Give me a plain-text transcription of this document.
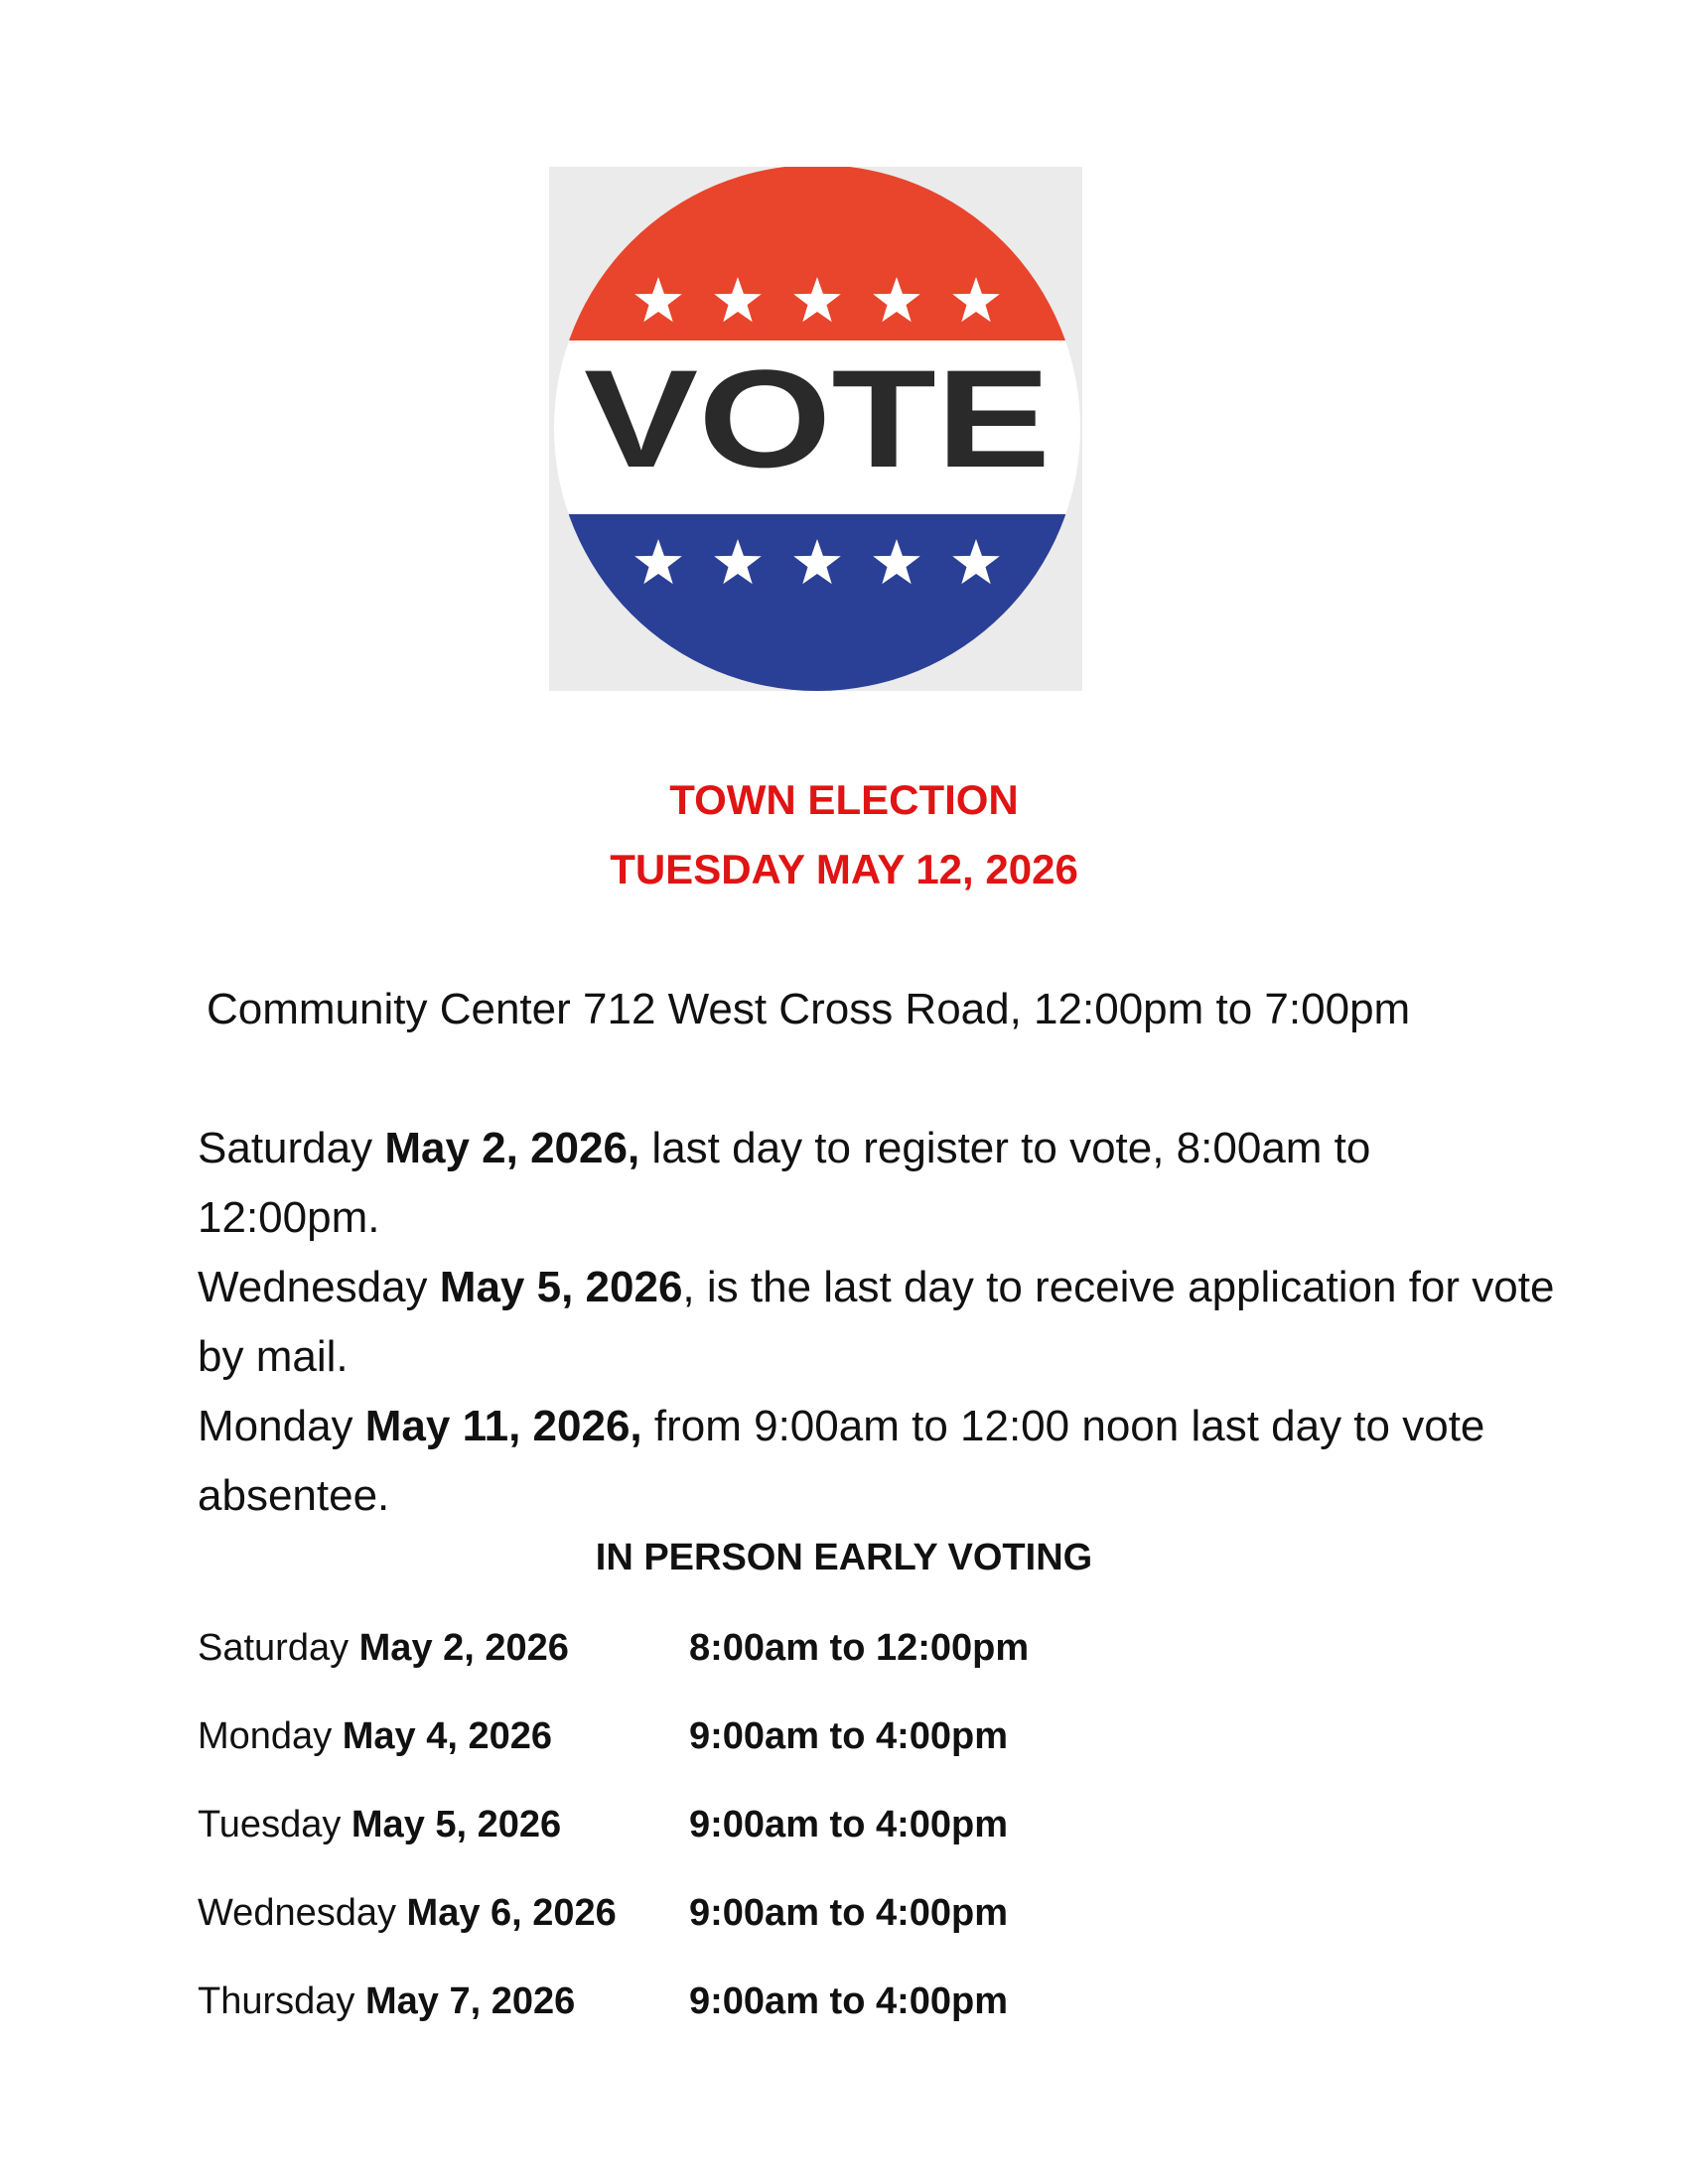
VOTE
TOWN ELECTION
TUESDAY MAY 12, 2026
Community Center 712 West Cross Road, 12:00pm to 7:00pm
Saturday May 2, 2026, last day to register to vote, 8:00am to 12:00pm.
Wednesday May 5, 2026, is the last day to receive application for vote by mail.
Monday May 11, 2026, from 9:00am to 12:00 noon last day to vote absentee.
IN PERSON EARLY VOTING
Saturday May 2, 2026	8:00am to 12:00pm
Monday May 4, 2026	9:00am to 4:00pm
Tuesday May 5, 2026	9:00am to 4:00pm
Wednesday May 6, 2026 9:00am to 4:00pm
Thursday May 7, 2026	9:00am to 4:00pm
